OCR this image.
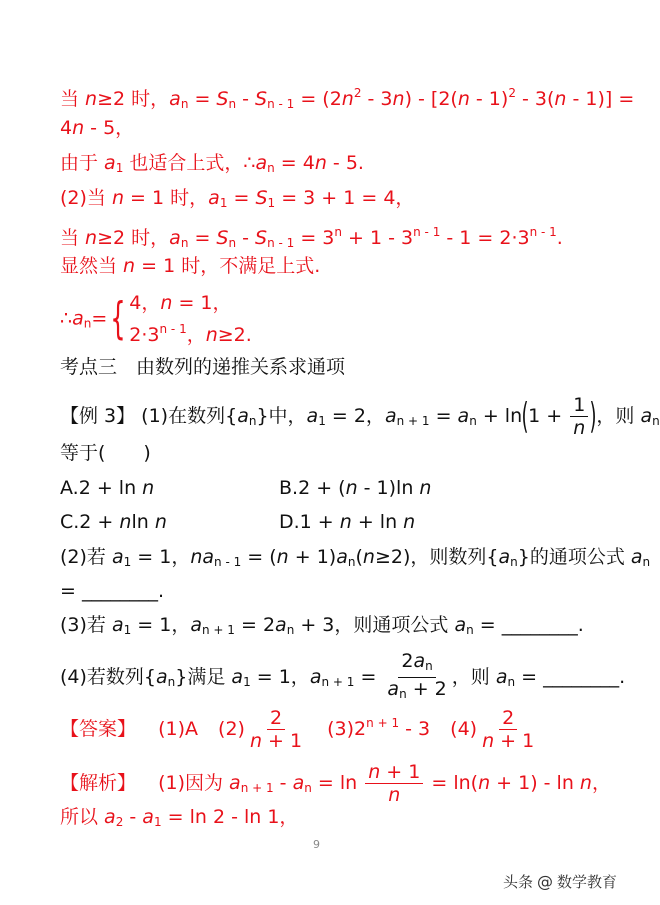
当 n≥2 时，$a_n = S_n - S_{n - 1} = (2n^2 - 3n) - [2(n - 1)^2 - 3(n - 1)]$ =
4n - 5，
由于 $a_1$ 也适合上式，$\therefore a_n = 4n - 5$.
(2)当 n = 1 时，$a_1 = S_1 = 3 + 1 = 4$，
当 n≥2 时，$a_n = S_n - S_{n - 1} = 3^n + 1 - 3^{n - 1} - 1 = 2\cdot 3^{n - 1}$.
显然当 n = 1 时，不满足上式.
$\therefore a_n=${ 4，n = 1，
$2\cdot 3^{n - 1}$，n≥2.
考点三　由数列的递推关系求通项
【例 3】 (1)在数列$\{a_n\}$中，$a_1 = 2$，$a_{n + 1} = a_n + \ln(1 + \frac{1}{n}$ )，则 $a_n$
等于(　　)
A.2 + ln n	B.2 + (n - 1)ln n
C.2 + nln n	D.1 + n + ln n
(2)若 $a_1 = 1$，$na_{n - 1} = (n + 1)a_n(n\ge 2)$，则数列$\{a_n\}$的通项公式 $a_n$
= ________.
(3)若 $a_1 = 1$，$a_{n + 1} = 2a_n + 3$，则通项公式 $a_n$ = ________.
(4)若数列$\{a_n\}$满足 $a_1 = 1$，$a_{n + 1} = \frac{2a_n}{a_n + 2}$ ，则 $a_n$ = ________.
【答案】 (1)A $(2) \frac{2}{n + 1} (3)2^{n + 1} - 3$ $(4) \frac{2}{n + 1}$
【解析】 (1)因为 $a_{n + 1} - a_n = \ln \frac{n + 1}{n} = \ln(n + 1) - \ln n$，
所以 $a_2 - a_1 = \ln 2 - \ln 1$，
9
头条 @ 数学教育
